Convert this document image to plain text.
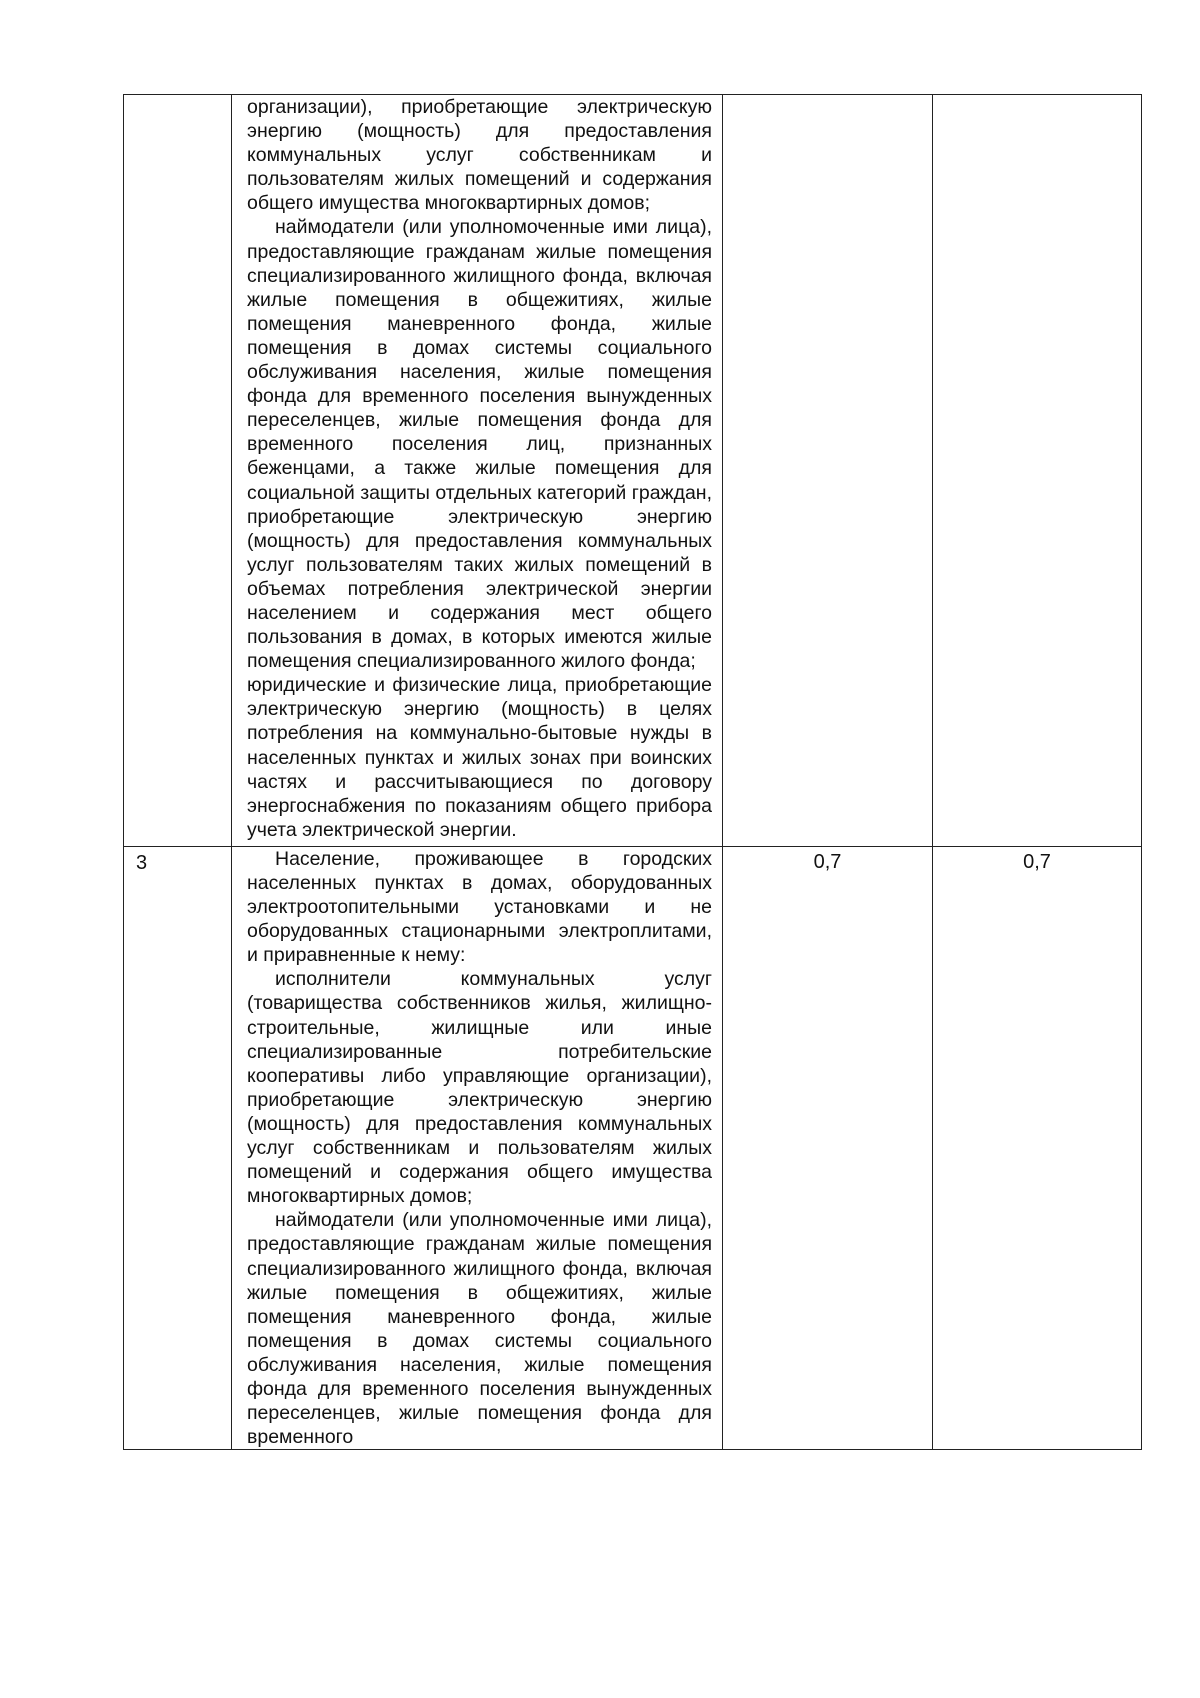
	организации), приобретающие электрическую энергию (мощность) для предоставления коммунальных услуг собственникам и пользователям жилых помещений и содержания общего имущества многоквартирных домов;

наймодатели (или уполномоченные ими лица), предоставляющие гражданам жилые помещения специализированного жилищного фонда, включая жилые помещения в общежитиях, жилые помещения маневренного фонда, жилые помещения в домах системы социального обслуживания населения, жилые помещения фонда для временного поселения вынужденных переселенцев, жилые помещения фонда для временного поселения лиц, признанных беженцами, а также жилые помещения для социальной защиты отдельных категорий граждан, приобретающие электрическую энергию (мощность) для предоставления коммунальных услуг пользователям таких жилых помещений в объемах потребления электрической энергии населением и содержания мест общего пользования в домах, в которых имеются жилые помещения специализированного жилого фонда;

юридические и физические лица, приобретающие электрическую энергию (мощность) в целях потребления на коммунально-бытовые нужды в населенных пунктах и жилых зонах при воинских частях и рассчитывающиеся по договору энергоснабжения по показаниям общего прибора учета электрической энергии.		

3	Население, проживающее в городских населенных пунктах в домах, оборудованных электроотопительными установками и не оборудованных стационарными электроплитами, и приравненные к нему:

исполнители коммунальных услуг (товарищества собственников жилья, жилищно-строительные, жилищные или иные специализированные потребительские кооперативы либо управляющие организации), приобретающие электрическую энергию (мощность) для предоставления коммунальных услуг собственникам и пользователям жилых помещений и содержания общего имущества многоквартирных домов;

наймодатели (или уполномоченные ими лица), предоставляющие гражданам жилые помещения специализированного жилищного фонда, включая жилые помещения в общежитиях, жилые помещения маневренного фонда, жилые помещения в домах системы социального обслуживания населения, жилые помещения фонда для временного поселения вынужденных переселенцев, жилые помещения фонда для временного	0,7	0,7
